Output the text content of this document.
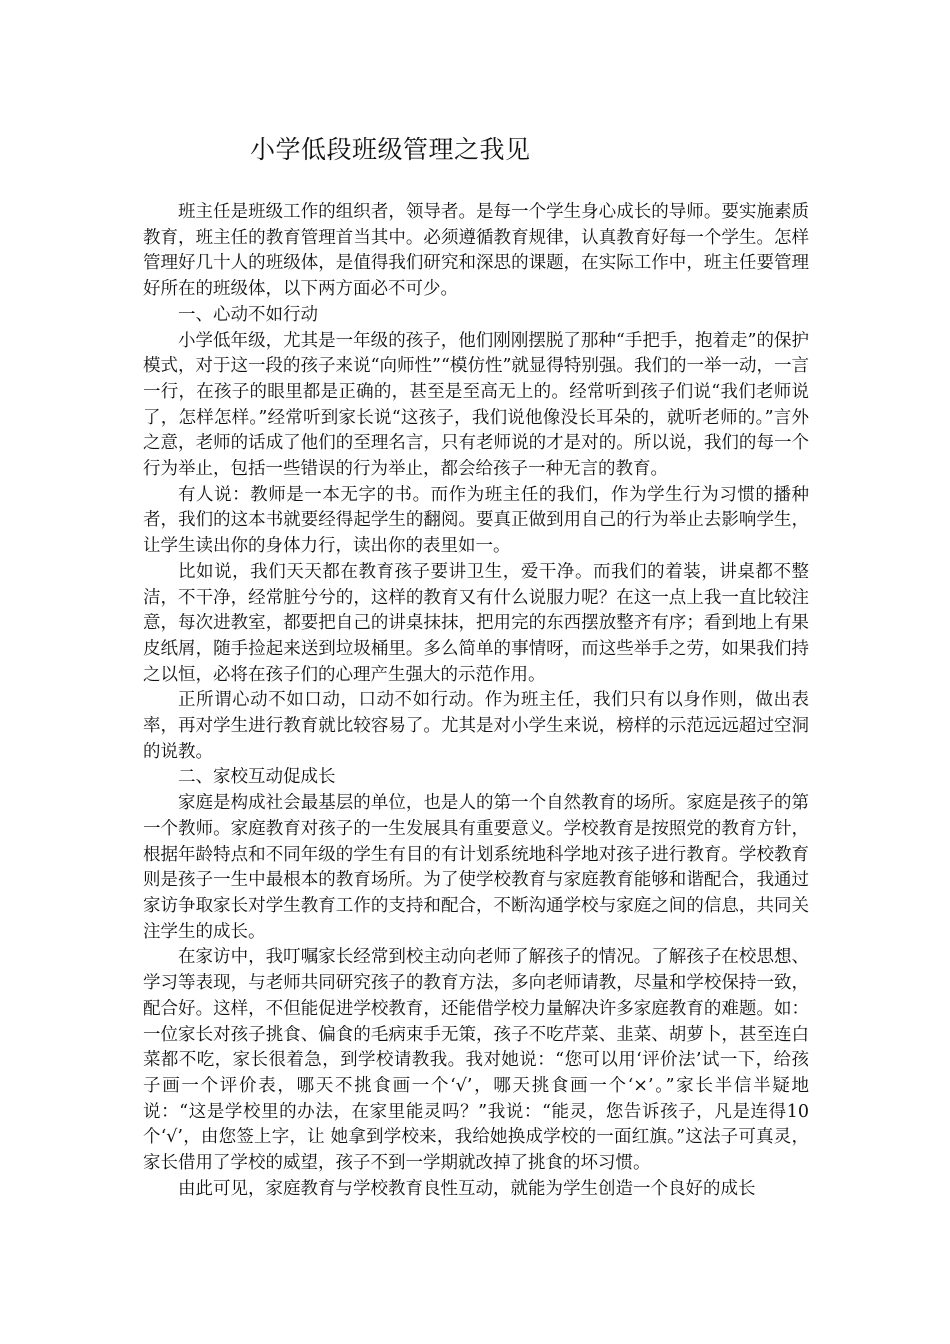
小学低段班级管理之我见

班主任是班级工作的组织者，领导者。是每一个学生身心成长的导师。要实施素质教育，班主任的教育管理首当其中。必须遵循教育规律，认真教育好每一个学生。怎样管理好几十人的班级体，是值得我们研究和深思的课题，在实际工作中，班主任要管理好所在的班级体，以下两方面必不可少。

一、心动不如行动

小学低年级，尤其是一年级的孩子，他们刚刚摆脱了那种“手把手，抱着走”的保护模式，对于这一段的孩子来说“向师性”“模仿性”就显得特别强。我们的一举一动，一言一行，在孩子的眼里都是正确的，甚至是至高无上的。经常听到孩子们说“我们老师说了，怎样怎样。”经常听到家长说“这孩子，我们说他像没长耳朵的，就听老师的。”言外之意，老师的话成了他们的至理名言，只有老师说的才是对的。所以说，我们的每一个行为举止，包括一些错误的行为举止，都会给孩子一种无言的教育。

有人说：教师是一本无字的书。而作为班主任的我们，作为学生行为习惯的播种者，我们的这本书就要经得起学生的翻阅。要真正做到用自己的行为举止去影响学生，让学生读出你的身体力行，读出你的表里如一。

比如说，我们天天都在教育孩子要讲卫生，爱干净。而我们的着装，讲桌都不整洁，不干净，经常脏兮兮的，这样的教育又有什么说服力呢？在这一点上我一直比较注意，每次进教室，都要把自己的讲桌抹抹，把用完的东西摆放整齐有序；看到地上有果皮纸屑，随手捡起来送到垃圾桶里。多么简单的事情呀，而这些举手之劳，如果我们持之以恒，必将在孩子们的心理产生强大的示范作用。

正所谓心动不如口动，口动不如行动。作为班主任，我们只有以身作则，做出表率，再对学生进行教育就比较容易了。尤其是对小学生来说，榜样的示范远远超过空洞的说教。

二、家校互动促成长

家庭是构成社会最基层的单位，也是人的第一个自然教育的场所。家庭是孩子的第一个教师。家庭教育对孩子的一生发展具有重要意义。学校教育是按照党的教育方针，根据年龄特点和不同年级的学生有目的有计划系统地科学地对孩子进行教育。学校教育则是孩子一生中最根本的教育场所。为了使学校教育与家庭教育能够和谐配合，我通过家访争取家长对学生教育工作的支持和配合，不断沟通学校与家庭之间的信息，共同关注学生的成长。

在家访中，我叮嘱家长经常到校主动向老师了解孩子的情况。了解孩子在校思想、学习等表现，与老师共同研究孩子的教育方法，多向老师请教，尽量和学校保持一致，配合好。这样，不但能促进学校教育，还能借学校力量解决许多家庭教育的难题。如：一位家长对孩子挑食、偏食的毛病束手无策，孩子不吃芹菜、韭菜、胡萝卜，甚至连白菜都不吃，家长很着急，到学校请教我。我对她说：“您可以用‘评价法’试一下，给孩子画一个评价表，哪天不挑食画一个‘√’，哪天挑食画一个‘×’。”家长半信半疑地说：“这是学校里的办法，在家里能灵吗？”我说：“能灵，您告诉孩子，凡是连得10个‘√’，由您签上字，让 她拿到学校来，我给她换成学校的一面红旗。”这法子可真灵，家长借用了学校的威望，孩子不到一学期就改掉了挑食的坏习惯。

由此可见，家庭教育与学校教育良性互动，就能为学生创造一个良好的成长
